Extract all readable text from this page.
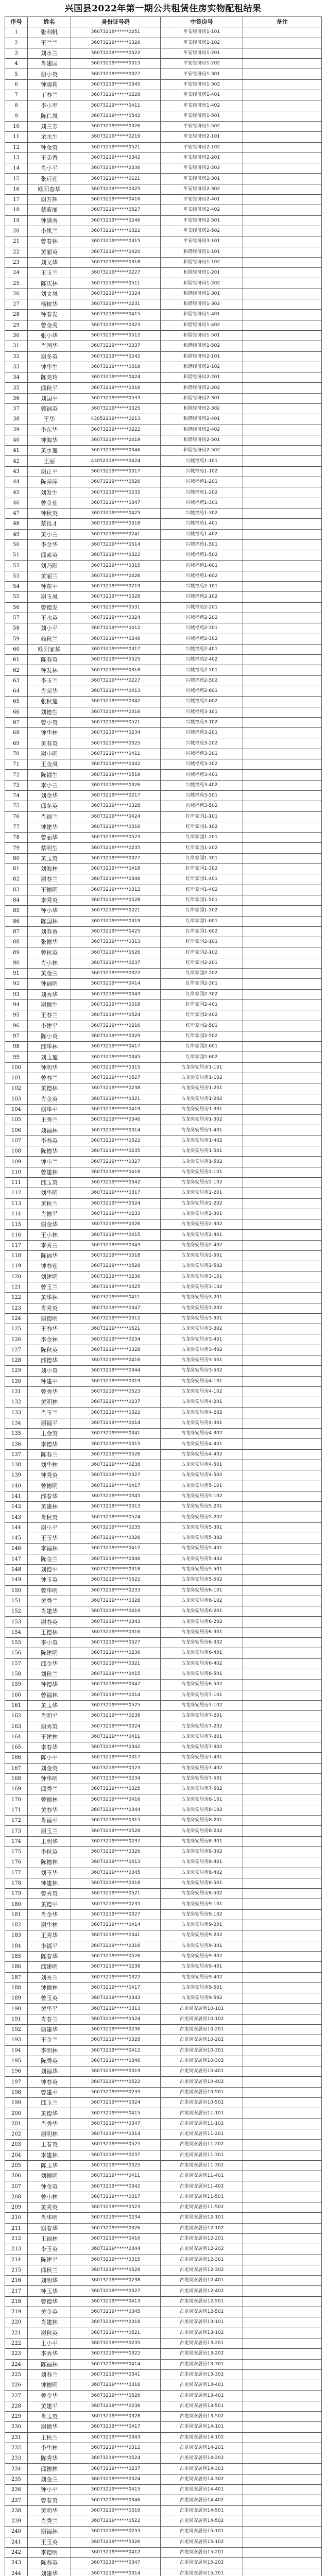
兴国县2022年第一期公共租赁住房实物配租结果
序号	姓名	身份证号码	中签房号	备注
1	张利帆	36073219******0251	平安经济房1-101	
2	王兰兰	36073219******0326	平安经济房1-102	
3	刘水兰	36073219******0522	平安经济房1-201	
4	肖建国	36073219******0315	平安经济房1-202	
5	谢小英	36073219******0327	平安经济房1-301	
6	钟晓莉	36073219******0345	平安经济房1-302	
7	丁春兰	36073219******0228	平安经济房1-401	
8	李小军	36073219******0411	平安经济房1-402	
9	陈仁凤	36073219******0542	平安经济房1-501	
10	刘兰芳	36073219******0326	平安经济房1-502	
11	余水生	36073219******0219	平安经济房2-101	
12	钟金英	36073219******0521	平安经济房2-102	
13	王美香	36073219******0342	平安经济房2-201	
14	肖小平	36073219******0336	平安经济房2-202	
15	张远莲	36073219******0121	平安经济房2-301	
16	欧阳春华	36073219******0325	平安经济房2-302	
17	谢万辉	36073219******0416	平安经济房2-401	
18	蔡紫丽	36073219******0527	平安经济房2-402	
19	钟满秀	36073219******0246	平安经济房2-501	
20	李凤兰	36073219******0322	平安经济房2-502	
21	曾春林	36073219******0315	平安经济房3-101	
22	黄丽英	36073219******0420	和谐经济房1-101	
23	刘文华	36073219******0318	和谐经济房1-102	
24	王玉兰	36073219******0227	和谐经济房1-201	
25	陈庆林	36073219******0511	和谐经济房1-202	
26	刘文凤	36073219******0324	和谐经济房1-301	
27	杨树华	36073219******0231	和谐经济房1-302	
28	钟春发	36073219******0415	和谐经济房1-401	
29	曾金秀	36073219******0323	和谐经济房1-402	
30	张小华	36073219******0512	和谐经济房1-501	
31	肖国华	36073219******0337	和谐经济房1-502	
32	谢冬英	36073219******0242	和谐经济房2-101	
33	钟华生	36073219******0319	和谐经济房2-102	
34	陈美玲	36073219******0424	和谐经济房2-201	
35	邱秋平	36073219******0316	和谐经济房2-202	
36	刘国平	36073219******0533	和谐经济房2-301	
37	郭福英	36073219******0325	和谐经济房2-302	
38	王华	43052219******0213	和谐经济房2-401	
39	李东华	36073219******0222	和谐经济房2-402	
40	钟海华	36073219******0419	和谐经济房2-501	
41	黄水莲	36073219******0346	和谐经济房2-502	
42	王丽	43052119******0424	兴城福苑1-101	
43	谢正平	36073219******0317	兴城福苑1-102	
44	陈萍萍	36073219******0526	兴城福苑1-201	
45	刘发生	36073219******0232	兴城福苑1-202	
46	曾金莲	36073219******0347	兴城福苑1-301	
47	钟秋英	36073219******0425	兴城福苑1-302	
48	蔡良才	36073219******0318	兴城福苑1-401	
49	黄小兰	36073219******0241	兴城福苑1-402	
50	李金华	36073219******0514	兴城福苑1-501	
51	邱素英	36073219******0322	兴城福苑1-502	
52	刘乃阳	36073219******0315	兴城福苑1-601	
53	黄丽兰	36073219******0426	兴城福苑1-602	
54	钟东平	36073219******0219	兴城福苑2-101	
55	谢玉凤	36073219******0328	兴城福苑2-102	
56	曾德发	36073219******0531	兴城福苑2-201	
57	王水英	36073219******0324	兴城福苑2-202	
58	刘小平	36073219******0412	兴城福苑2-301	
59	赖秋兰	36073219******0246	兴城福苑2-302	
60	欧阳家华	36073219******0317	兴城福苑2-401	
61	陈春英	36073219******0525	兴城福苑2-402	
62	钟发林	36073219******0318	兴城福苑2-501	
63	李玉兰	36073219******0227	兴城福苑2-502	
64	肖荣华	36073219******0413	兴城福苑2-601	
65	张秋莲	36073219******0342	兴城福苑2-602	
66	刘德生	36073219******0316	兴城福苑3-101	
67	曾小英	36073219******0521	兴城福苑3-102	
68	钟华林	36073219******0234	兴城福苑3-201	
69	黄春英	36073219******0325	兴城福苑3-202	
70	谢小明	36073219******0411	兴城福苑3-301	
71	王金凤	36073219******0342	兴城福苑3-302	
72	陈福生	36073219******0519	兴城福苑3-401	
73	李小兰	36073219******0326	兴城福苑3-402	
74	刘金华	36073219******0217	兴城福苑3-501	
75	邱冬英	36073219******0328	兴城福苑3-502	
76	肖福兰	36073219******0424	红岸家园1-101	
77	钟建华	36073219******0316	红岸家园1-102	
78	曾丽华	36073219******0523	红岸家园1-201	
79	蔡明生	36073219******0235	红岸家园1-202	
80	黄玉英	36073219******0327	红岸家园1-301	
81	刘海林	36073219******0418	红岸家园1-302	
82	谢春兰	36073219******0346	红岸家园1-401	
83	王德明	36073219******0312	红岸家园1-402	
84	李秀英	36073219******0528	红岸家园1-501	
85	钟小华	36073219******0221	红岸家园1-502	
86	陈国林	36073219******0319	红岸家园1-601	
87	刘春香	36073219******0425	红岸家园1-602	
88	张德华	36073219******0313	红岸家园2-101	
89	曾秋英	36073219******0526	红岸家园2-102	
90	肖小林	36073219******0237	红岸家园2-201	
91	黄金兰	36073219******0322	红岸家园2-202	
92	钟福明	36073219******0414	红岸家园2-301	
93	刘秀华	36073219******0343	红岸家园2-302	
94	谢德生	36073219******0318	红岸家园2-401	
95	王春兰	36073219******0524	红岸家园2-402	
96	李建平	36073219******0216	红岸家园2-501	
97	陈小英	36073219******0329	红岸家园2-502	
98	邱华林	36073219******0417	红岸家园2-601	
99	刘玉莲	36073219******0345	红岸家园2-602	
100	钟明华	36073219******0315	古龙岗安居房1-101	
101	曾春兰	36073219******0527	古龙岗安居房1-102	
102	黄德林	36073219******0238	古龙岗安居房1-201	
103	肖金英	36073219******0321	古龙岗安居房1-202	
104	谢华平	36073219******0419	古龙岗安居房1-301	
105	王秀兰	36073219******0346	古龙岗安居房1-302	
106	刘福林	36073219******0314	古龙岗安居房1-401	
107	李春英	36073219******0522	古龙岗安居房1-402	
108	陈德华	36073219******0235	古龙岗安居房1-501	
109	钟小兰	36073219******0327	古龙岗安居房1-502	
110	曾建林	36073219******0418	古龙岗安居房2-101	
111	邱玉英	36073219******0342	古龙岗安居房2-102	
112	刘华明	36073219******0317	古龙岗安居房2-201	
113	黄秋兰	36073219******0524	古龙岗安居房2-202	
114	肖德平	36073219******0233	古龙岗安居房2-301	
115	谢金华	36073219******0326	古龙岗安居房2-302	
116	王小林	36073219******0415	古龙岗安居房2-401	
117	李秀兰	36073219******0343	古龙岗安居房2-402	
118	陈福华	36073219******0318	古龙岗安居房2-501	
119	钟春莲	36073219******0528	古龙岗安居房2-502	
120	刘建明	36073219******0236	古龙岗安居房3-101	
121	曾玉兰	36073219******0325	古龙岗安居房3-102	
122	黄华林	36073219******0411	古龙岗安居房3-201	
123	肖秀英	36073219******0347	古龙岗安居房3-202	
124	谢德明	36073219******0312	古龙岗安居房3-301	
125	王春华	36073219******0521	古龙岗安居房3-302	
126	李金林	36073219******0234	古龙岗安居房3-401	
127	陈秋英	36073219******0328	古龙岗安居房3-402	
128	邱德华	36073219******0416	古龙岗安居房3-501	
129	刘小英	36073219******0344	古龙岗安居房3-502	
130	钟建平	36073219******0319	古龙岗安居房4-101	
131	曾秀华	36073219******0523	古龙岗安居房4-102	
132	黄明林	36073219******0237	古龙岗安居房4-201	
133	肖玉兰	36073219******0322	古龙岗安居房4-202	
134	谢福平	36073219******0414	古龙岗安居房4-301	
135	王金英	36073219******0341	古龙岗安居房4-302	
136	李德华	36073219******0315	古龙岗安居房4-401	
137	陈春兰	36073219******0526	古龙岗安居房4-402	
138	刘华林	36073219******0238	古龙岗安居房4-501	
139	钟秀英	36073219******0327	古龙岗安居房4-502	
140	曾德明	36073219******0417	古龙岗安居房5-101	
141	邱春华	36073219******0345	古龙岗安居房5-102	
142	黄建林	36073219******0313	古龙岗安居房5-201	
143	肖秋英	36073219******0524	古龙岗安居房5-202	
144	谢小平	36073219******0235	古龙岗安居房5-301	
145	王玉华	36073219******0326	古龙岗安居房5-302	
146	李福林	36073219******0412	古龙岗安居房5-401	
147	陈金兰	36073219******0346	古龙岗安居房5-402	
148	刘德平	36073219******0318	古龙岗安居房5-501	
149	钟玉英	36073219******0522	古龙岗安居房5-502	
150	曾华明	36073219******0233	古龙岗安居房6-101	
151	黄秀兰	36073219******0328	古龙岗安居房6-102	
152	肖建华	36073219******0419	古龙岗安居房6-201	
153	谢春英	36073219******0343	古龙岗安居房6-202	
154	王德林	36073219******0316	古龙岗安居房6-301	
155	李小英	36073219******0527	古龙岗安居房6-302	
156	陈建明	36073219******0236	古龙岗安居房6-401	
157	邱金华	36073219******0321	古龙岗安居房6-402	
158	刘秋兰	36073219******0415	古龙岗安居房6-501	
159	钟德华	36073219******0347	古龙岗安居房6-502	
160	曾福林	36073219******0314	古龙岗安居房7-101	
161	黄玉华	36073219******0525	古龙岗安居房7-102	
162	肖明平	36073219******0238	古龙岗安居房7-201	
163	谢秀英	36073219******0324	古龙岗安居房7-202	
164	王建林	36073219******0411	古龙岗安居房7-301	
165	李春华	36073219******0342	古龙岗安居房7-302	
166	陈小平	36073219******0317	古龙岗安居房7-401	
167	刘金英	36073219******0523	古龙岗安居房7-402	
168	钟华明	36073219******0234	古龙岗安居房7-501	
169	邱秀兰	36073219******0325	古龙岗安居房7-502	
170	曾德林	36073219******0416	古龙岗安居房8-101	
171	黄春华	36073219******0344	古龙岗安居房8-102	
172	肖福平	36073219******0315	古龙岗安居房8-201	
173	谢玉兰	36073219******0528	古龙岗安居房8-202	
174	王明华	36073219******0237	古龙岗安居房8-301	
175	李秋英	36073219******0326	古龙岗安居房8-302	
176	陈德林	36073219******0413	古龙岗安居房8-401	
177	刘玉华	36073219******0345	古龙岗安居房8-402	
178	钟建林	36073219******0318	古龙岗安居房8-501	
179	曾秀英	36073219******0521	古龙岗安居房8-502	
180	黄德平	36073219******0235	古龙岗安居房9-101	
181	肖金华	36073219******0327	古龙岗安居房9-102	
182	谢华林	36073219******0414	古龙岗安居房9-201	
183	王秀华	36073219******0341	古龙岗安居房9-202	
184	李福平	36073219******0316	古龙岗安居房9-301	
185	陈春华	36073219******0526	古龙岗安居房9-302	
186	邱建明	36073219******0238	古龙岗安居房9-401	
187	刘秀兰	36073219******0322	古龙岗安居房9-402	
188	钟德林	36073219******0417	古龙岗安居房9-501	
189	曾玉英	36073219******0343	古龙岗安居房9-502	
190	黄华平	36073219******0313	古龙岗安居房10-101	
191	肖春兰	36073219******0524	古龙岗安居房10-102	
192	谢建华	36073219******0236	古龙岗安居房10-201	
193	王金兰	36073219******0328	古龙岗安居房10-202	
194	李明林	36073219******0412	古龙岗安居房10-301	
195	陈秀英	36073219******0346	古龙岗安居房10-302	
196	刘福华	36073219******0319	古龙岗安居房10-401	
197	钟春英	36073219******0522	古龙岗安居房10-402	
198	曾建平	36073219******0233	古龙岗安居房10-501	
199	邱玉兰	36073219******0324	古龙岗安居房10-502	
200	黄德华	36073219******0415	古龙岗安居房11-101	
201	肖秀华	36073219******0347	古龙岗安居房11-102	
202	谢明林	36073219******0314	古龙岗安居房11-201	
203	王春英	36073219******0525	古龙岗安居房11-202	
204	李建林	36073219******0237	古龙岗安居房11-301	
205	陈玉华	36073219******0325	古龙岗安居房11-302	
206	刘德明	36073219******0411	古龙岗安居房11-401	
207	钟金英	36073219******0342	古龙岗安居房11-402	
208	曾小林	36073219******0317	古龙岗安居房11-501	
209	黄秀英	36073219******0523	古龙岗安居房11-502	
210	肖华明	36073219******0234	古龙岗安居房12-101	
211	谢春华	36073219******0326	古龙岗安居房12-102	
212	王福林	36073219******0416	古龙岗安居房12-201	
213	李玉英	36073219******0344	古龙岗安居房12-202	
214	陈建平	36073219******0315	古龙岗安居房12-301	
215	邱秋兰	36073219******0528	古龙岗安居房12-302	
216	刘明华	36073219******0238	古龙岗安居房12-401	
217	钟玉华	36073219******0327	古龙岗安居房12-402	
218	曾德华	36073219******0413	古龙岗安居房12-501	
219	黄金英	36073219******0345	古龙岗安居房12-502	
220	肖建林	36073219******0318	古龙岗安居房13-101	
221	谢秋英	36073219******0521	古龙岗安居房13-102	
222	王小平	36073219******0235	古龙岗安居房13-201	
223	李秀华	36073219******0322	古龙岗安居房13-202	
224	陈福林	36073219******0414	古龙岗安居房13-301	
225	刘春兰	36073219******0341	古龙岗安居房13-302	
226	钟德明	36073219******0316	古龙岗安居房13-401	
227	曾金华	36073219******0526	古龙岗安居房13-402	
228	黄建平	36073219******0236	古龙岗安居房13-501	
229	肖玉英	36073219******0328	古龙岗安居房13-502	
230	谢德华	36073219******0417	古龙岗安居房14-101	
231	王秋兰	36073219******0343	古龙岗安居房14-102	
232	李华林	36073219******0312	古龙岗安居房14-201	
233	陈秀华	36073219******0524	古龙岗安居房14-202	
234	邱德林	36073219******0237	古龙岗安居房14-301	
235	刘金兰	36073219******0324	古龙岗安居房14-302	
236	钟小平	36073219******0415	古龙岗安居房14-401	
237	曾春英	36073219******0346	古龙岗安居房14-402	
238	黄明华	36073219******0319	古龙岗安居房14-501	
239	肖秀兰	36073219******0522	古龙岗安居房14-502	
240	谢福林	36073219******0233	古龙岗安居房15-101	
241	王玉英	36073219******0326	古龙岗安居房15-102	
242	李德明	36073219******0412	古龙岗安居房15-201	
243	陈春英	36073219******0347	古龙岗安居房15-202	
244	刘建华	36073219******0314	古龙岗安居房15-301	
